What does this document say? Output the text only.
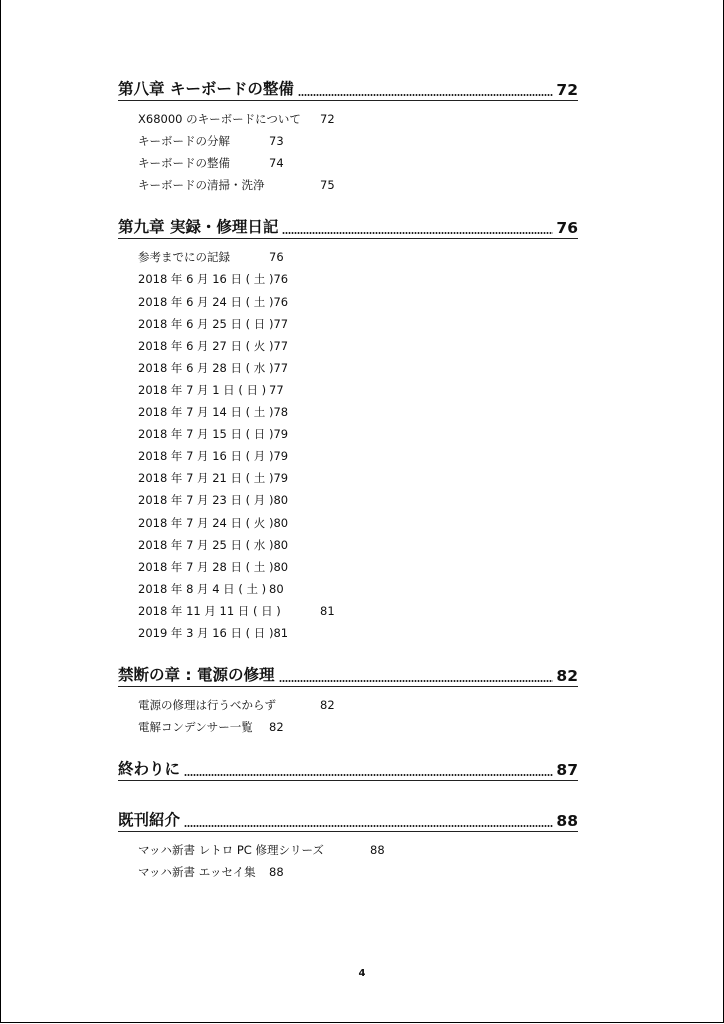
第八章 キーボードの整備	72
X68000 のキーボードについて	72
キーボードの分解	73
キーボードの整備	74
キーボードの清掃・洗浄	75
第九章 実録・修理日記	76
参考までにの記録	76
2018 年 6 月 16 日 ( 土 ) 76
2018 年 6 月 24 日 ( 土 ) 76
2018 年 6 月 25 日 ( 日 ) 77
2018 年 6 月 27 日 ( 火 ) 77
2018 年 6 月 28 日 ( 水 ) 77
2018 年 7 月 1 日 ( 日 ) 77
2018 年 7 月 14 日 ( 土 ) 78
2018 年 7 月 15 日 ( 日 ) 79
2018 年 7 月 16 日 ( 月 ) 79
2018 年 7 月 21 日 ( 土 ) 79
2018 年 7 月 23 日 ( 月 ) 80
2018 年 7 月 24 日 ( 火 ) 80
2018 年 7 月 25 日 ( 水 ) 80
2018 年 7 月 28 日 ( 土 ) 80
2018 年 8 月 4 日 ( 土 ) 80
2018 年 11 月 11 日 ( 日 )	81
2019 年 3 月 16 日 ( 日 ) 81
禁断の章 : 電源の修理	82
電源の修理は行うべからず	82
電解コンデンサー一覧	82
終わりに	87
既刊紹介	88
マッハ新書 レトロ PC 修理シリーズ	88
マッハ新書 エッセイ集	88
4
